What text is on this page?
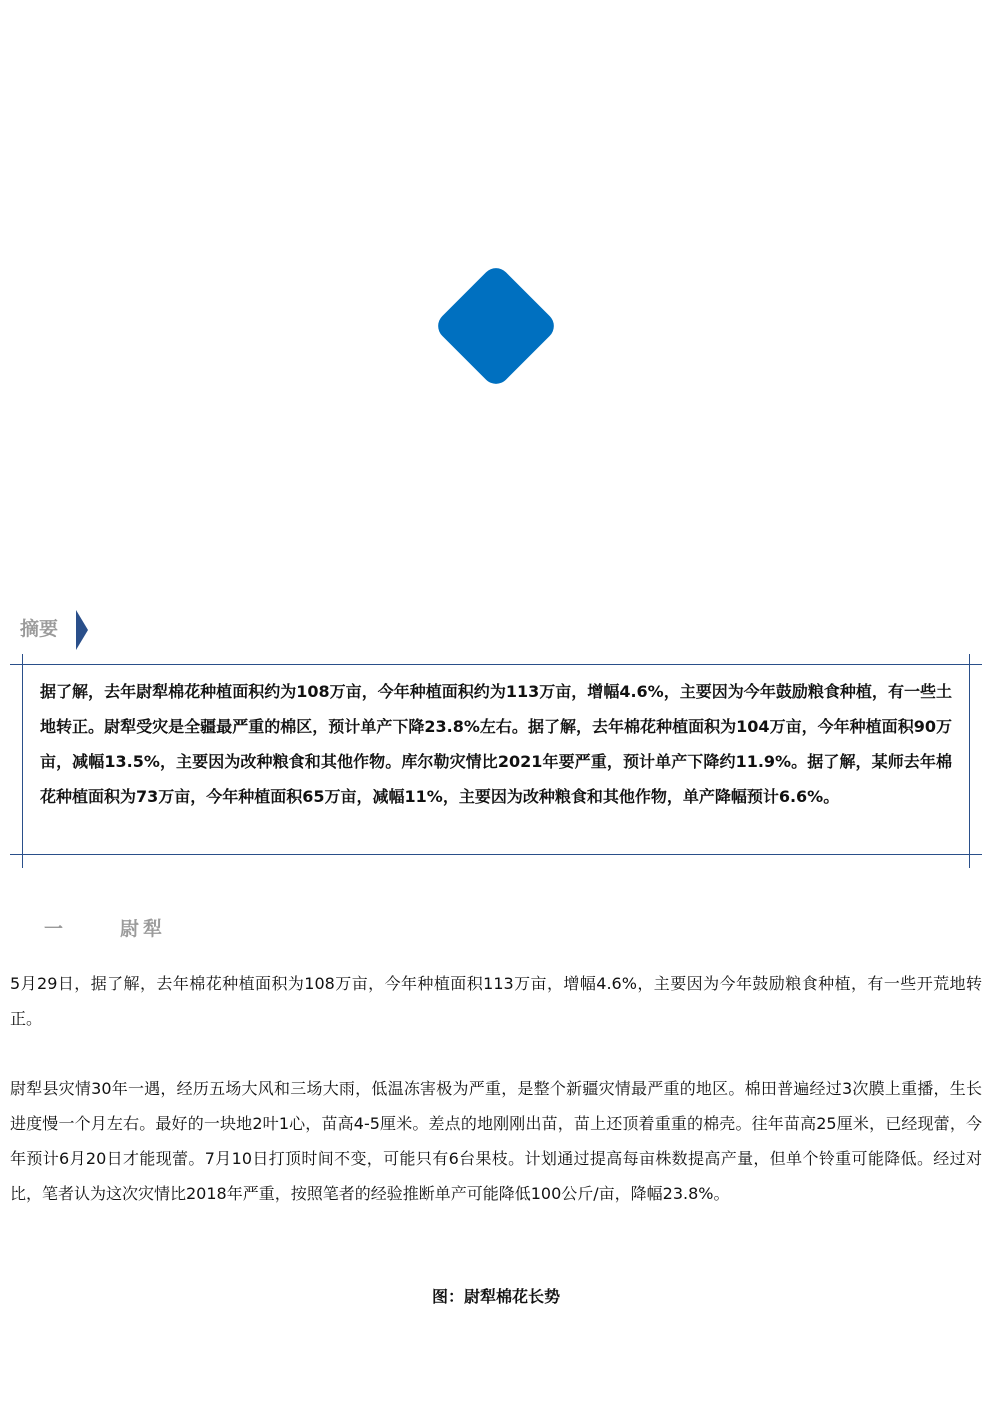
摘要
据了解，去年尉犁棉花种植面积约为108万亩，今年种植面积约为113万亩，增幅4.6%，主要因为今年鼓励粮食种植，有一些土地转正。尉犁受灾是全疆最严重的棉区，预计单产下降23.8%左右。据了解，去年棉花种植面积为104万亩，今年种植面积90万亩，减幅13.5%，主要因为改种粮食和其他作物。库尔勒灾情比2021年要严重，预计单产下降约11.9%。据了解，某师去年棉花种植面积为73万亩，今年种植面积65万亩，减幅11%，主要因为改种粮食和其他作物，单产降幅预计6.6%。
一	尉犁
5月29日，据了解，去年棉花种植面积为108万亩，今年种植面积113万亩，增幅4.6%，主要因为今年鼓励粮食种植，有一些开荒地转正。
尉犁县灾情30年一遇，经历五场大风和三场大雨，低温冻害极为严重，是整个新疆灾情最严重的地区。棉田普遍经过3次膜上重播，生长进度慢一个月左右。最好的一块地2叶1心，苗高4-5厘米。差点的地刚刚出苗，苗上还顶着重重的棉壳。往年苗高25厘米，已经现蕾，今年预计6月20日才能现蕾。7月10日打顶时间不变，可能只有6台果枝。计划通过提高每亩株数提高产量，但单个铃重可能降低。经过对比，笔者认为这次灾情比2018年严重，按照笔者的经验推断单产可能降低100公斤/亩，降幅23.8%。
图：尉犁棉花长势
